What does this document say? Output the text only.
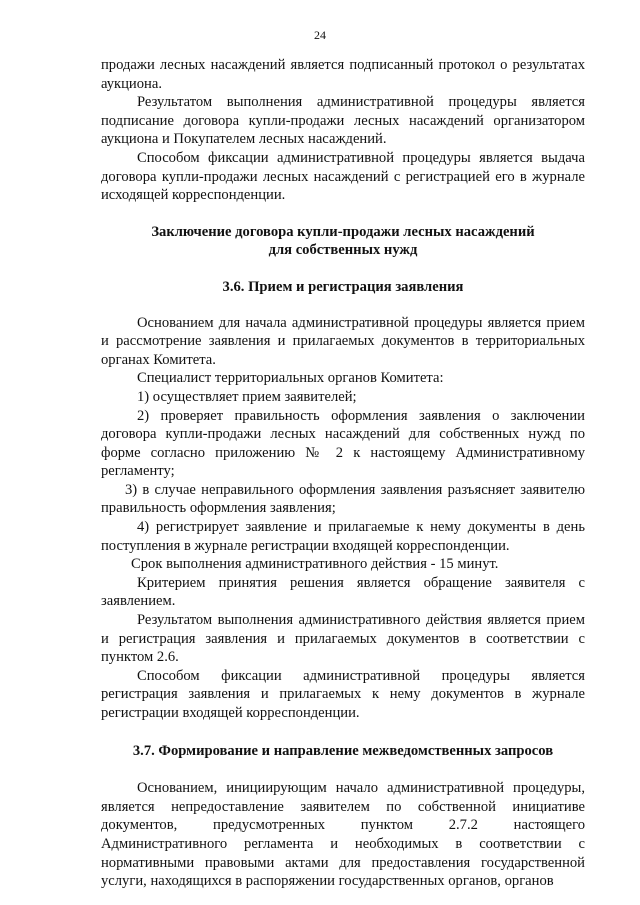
24

продажи лесных насаждений является подписанный протокол о результатах аукциона.

Результатом выполнения административной процедуры является подписание договора купли-продажи лесных насаждений организатором аукциона и Покупателем лесных насаждений.

Способом фиксации административной процедуры является выдача договора купли-продажи лесных насаждений с регистрацией его в журнале исходящей корреспонденции.

Заключение договора купли-продажи лесных насаждений

для собственных нужд

3.6. Прием и регистрация заявления

Основанием для начала административной процедуры является прием и рассмотрение заявления и прилагаемых документов в территориальных органах Комитета.

Специалист территориальных органов Комитета:

1) осуществляет прием заявителей;

2) проверяет правильность оформления заявления о заключении договора купли-продажи лесных насаждений для собственных нужд по форме согласно приложению № 2 к настоящему Административному регламенту;

3) в случае неправильного оформления заявления разъясняет заявителю правильность оформления заявления;

4) регистрирует заявление и прилагаемые к нему документы в день поступления в журнале регистрации входящей корреспонденции.

Срок выполнения административного действия - 15 минут.

Критерием принятия решения является обращение заявителя с заявлением.

Результатом выполнения административного действия является прием и регистрация заявления и прилагаемых документов в соответствии с пунктом 2.6.

Способом фиксации административной процедуры является регистрация заявления и прилагаемых к нему документов в журнале регистрации входящей корреспонденции.

3.7. Формирование и направление межведомственных запросов

Основанием, инициирующим начало административной процедуры, является непредоставление заявителем по собственной инициативе документов, предусмотренных пунктом 2.7.2 настоящего Административного регламента и необходимых в соответствии с нормативными правовыми актами для предоставления государственной услуги, находящихся в распоряжении государственных органов, органов
